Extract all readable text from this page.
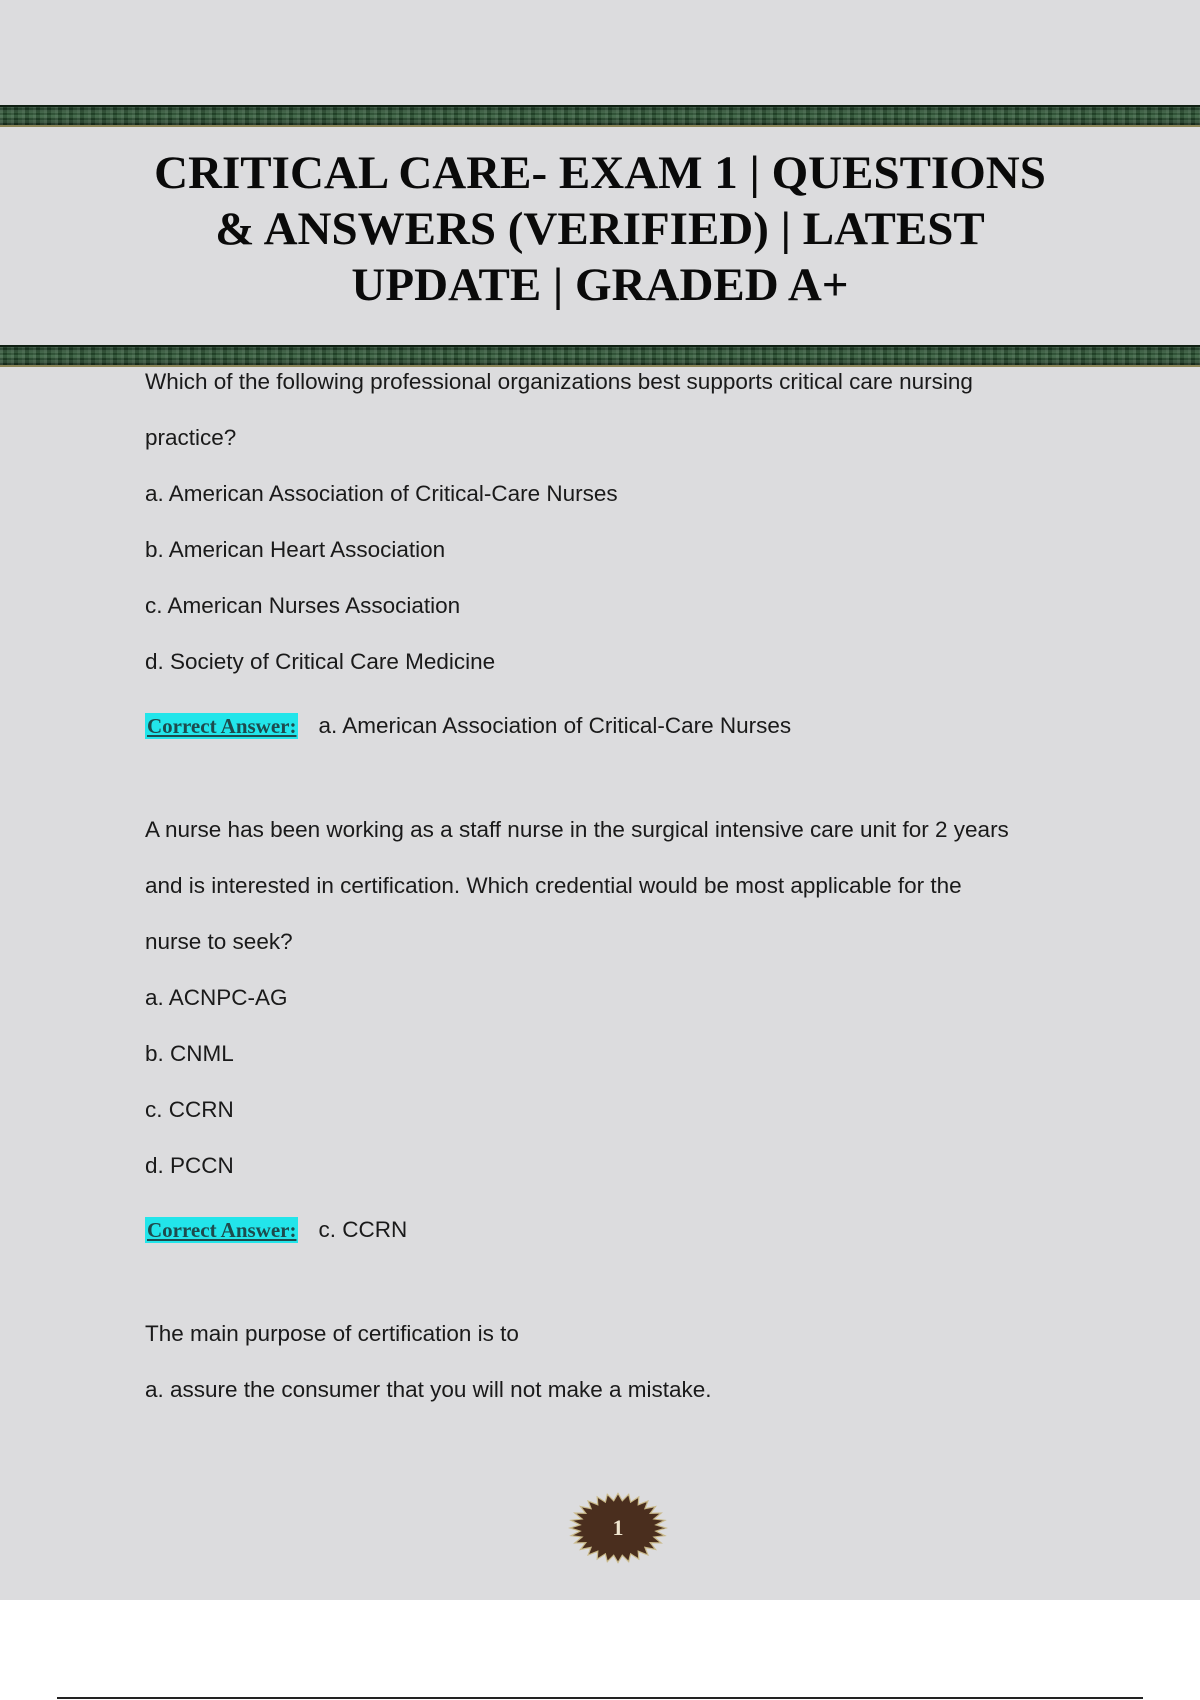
CRITICAL CARE- EXAM 1 | QUESTIONS & ANSWERS (VERIFIED) | LATEST UPDATE | GRADED A+

Which of the following professional organizations best supports critical care nursing

practice?

a. American Association of Critical-Care Nurses

b. American Heart Association

c. American Nurses Association

d. Society of Critical Care Medicine

Correct Answer: a. American Association of Critical-Care Nurses

A nurse has been working as a staff nurse in the surgical intensive care unit for 2 years

and is interested in certification. Which credential would be most applicable for the

nurse to seek?

a. ACNPC-AG

b. CNML

c. CCRN

d. PCCN

Correct Answer: c. CCRN

The main purpose of certification is to

a. assure the consumer that you will not make a mistake.

1
